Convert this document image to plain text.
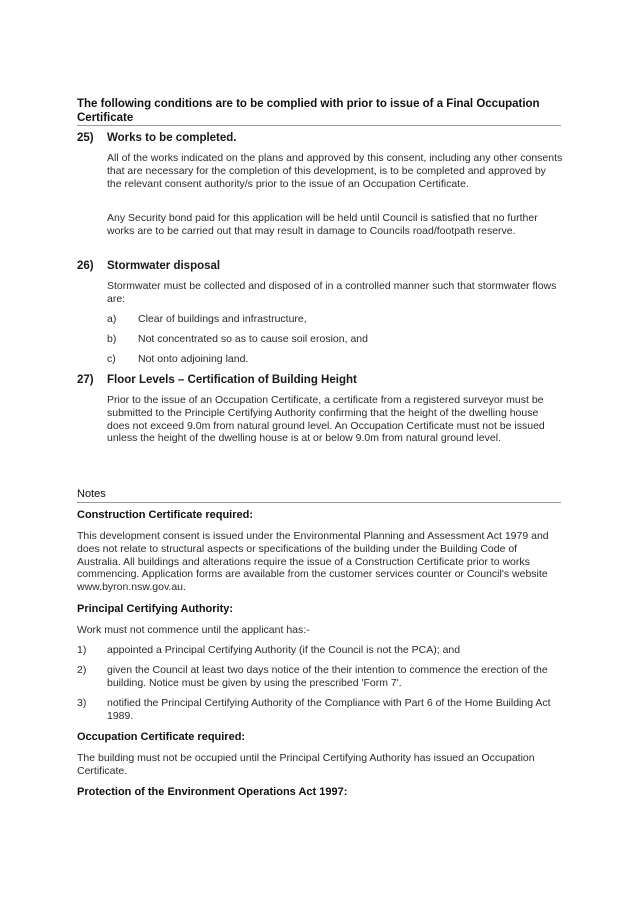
The following conditions are to be complied with prior to issue of a Final Occupation Certificate
25) Works to be completed.
All of the works indicated on the plans and approved by this consent, including any other consents that are necessary for the completion of this development, is to be completed and approved by the relevant consent authority/s prior to the issue of an Occupation Certificate.
Any Security bond paid for this application will be held until Council is satisfied that no further works are to be carried out that may result in damage to Councils road/footpath reserve.
26) Stormwater disposal
Stormwater must be collected and disposed of in a controlled manner such that stormwater flows are:
a) Clear of buildings and infrastructure,
b) Not concentrated so as to cause soil erosion, and
c) Not onto adjoining land.
27) Floor Levels – Certification of Building Height
Prior to the issue of an Occupation Certificate, a certificate from a registered surveyor must be submitted to the Principle Certifying Authority confirming that the height of the dwelling house does not exceed 9.0m from natural ground level. An Occupation Certificate must not be issued unless the height of the dwelling house is at or below 9.0m from natural ground level.
Notes
Construction Certificate required:
This development consent is issued under the Environmental Planning and Assessment Act 1979 and does not relate to structural aspects or specifications of the building under the Building Code of Australia. All buildings and alterations require the issue of a Construction Certificate prior to works commencing. Application forms are available from the customer services counter or Council's website www.byron.nsw.gov.au.
Principal Certifying Authority:
Work must not commence until the applicant has:-
1) appointed a Principal Certifying Authority (if the Council is not the PCA); and
2) given the Council at least two days notice of the their intention to commence the erection of the building. Notice must be given by using the prescribed 'Form 7'.
3) notified the Principal Certifying Authority of the Compliance with Part 6 of the Home Building Act 1989.
Occupation Certificate required:
The building must not be occupied until the Principal Certifying Authority has issued an Occupation Certificate.
Protection of the Environment Operations Act 1997:
